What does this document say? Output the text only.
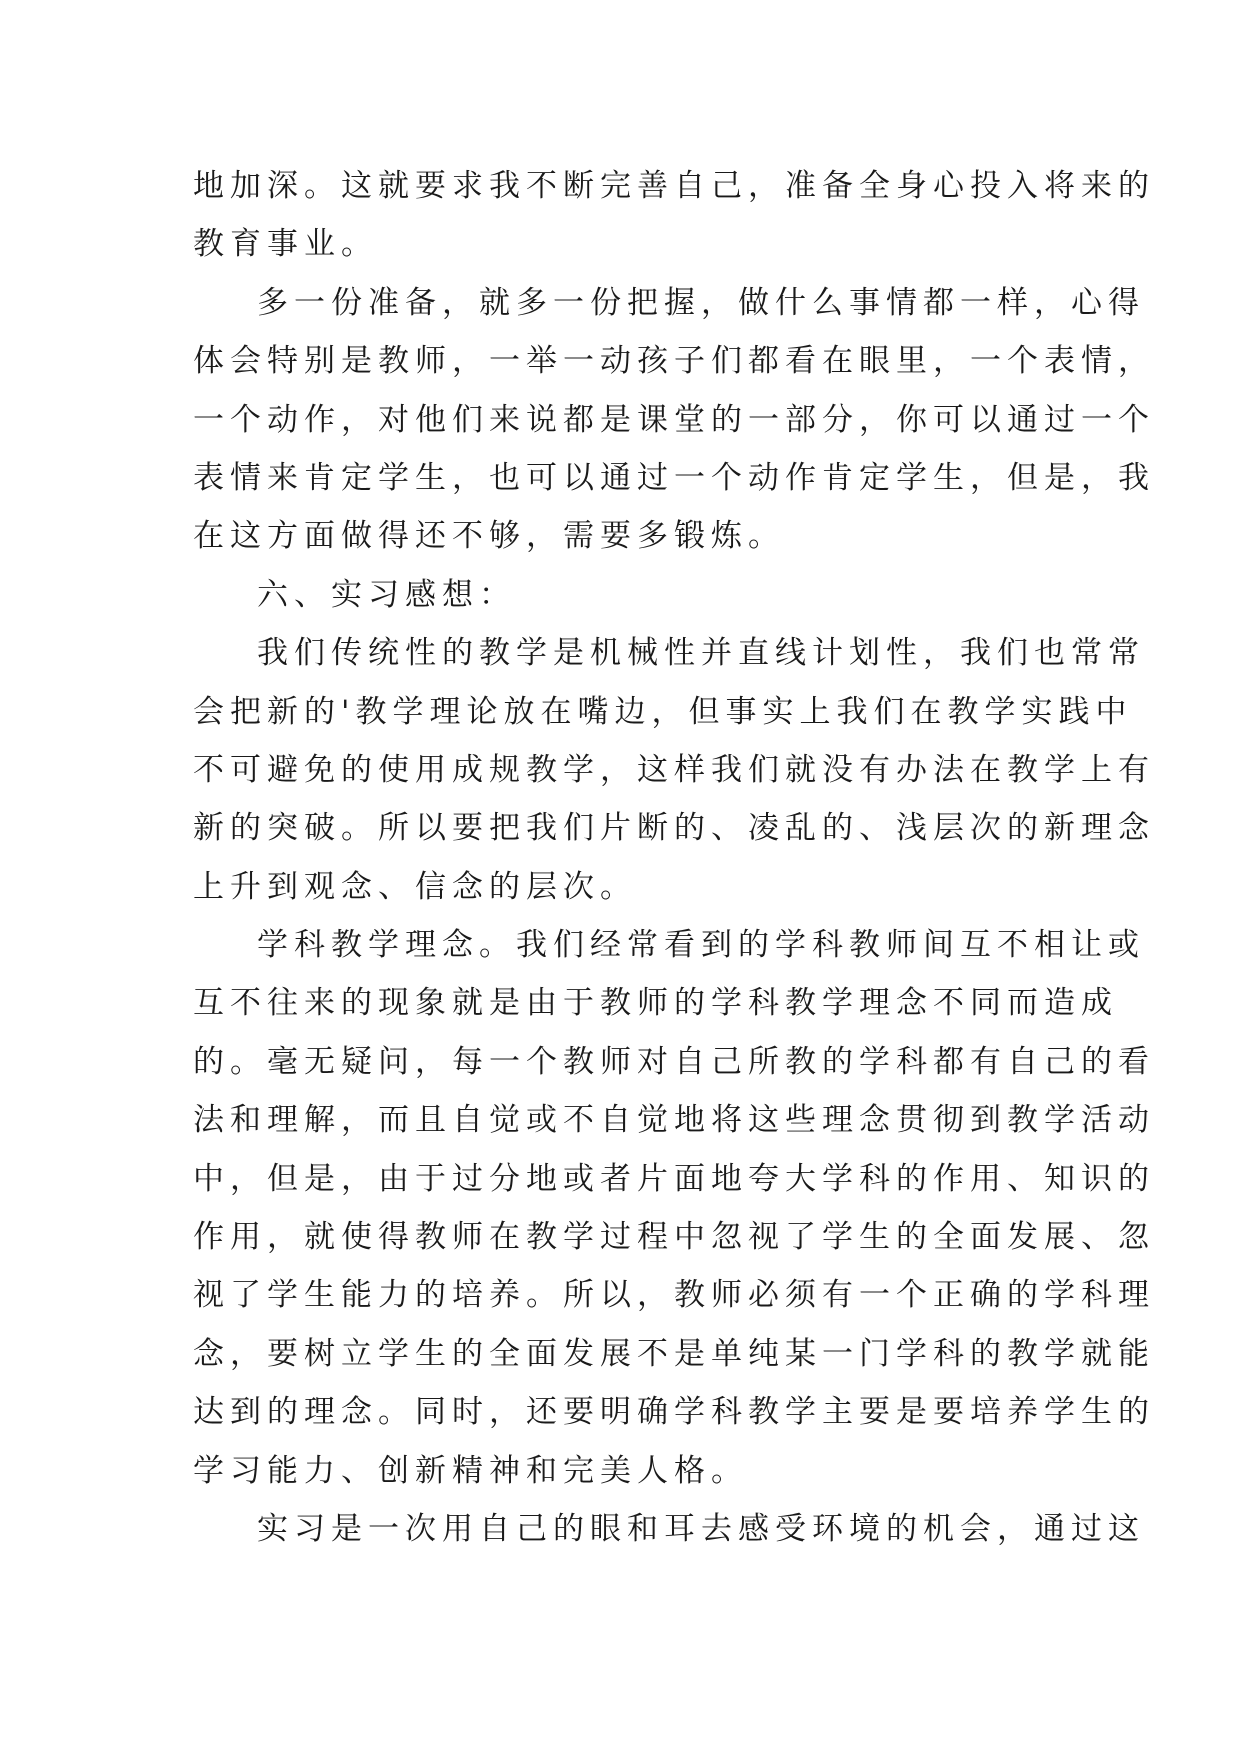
地加深。这就要求我不断完善自己，准备全身心投入将来的

教育事业。

多一份准备，就多一份把握，做什么事情都一样，心得

体会特别是教师，一举一动孩子们都看在眼里，一个表情，

一个动作，对他们来说都是课堂的一部分，你可以通过一个

表情来肯定学生，也可以通过一个动作肯定学生，但是，我

在这方面做得还不够，需要多锻炼。

六、实习感想：

我们传统性的教学是机械性并直线计划性，我们也常常

会把新的'教学理论放在嘴边，但事实上我们在教学实践中

不可避免的使用成规教学，这样我们就没有办法在教学上有

新的突破。所以要把我们片断的、凌乱的、浅层次的新理念

上升到观念、信念的层次。

学科教学理念。我们经常看到的学科教师间互不相让或

互不往来的现象就是由于教师的学科教学理念不同而造成

的。毫无疑问，每一个教师对自己所教的学科都有自己的看

法和理解，而且自觉或不自觉地将这些理念贯彻到教学活动

中，但是，由于过分地或者片面地夸大学科的作用、知识的

作用，就使得教师在教学过程中忽视了学生的全面发展、忽

视了学生能力的培养。所以，教师必须有一个正确的学科理

念，要树立学生的全面发展不是单纯某一门学科的教学就能

达到的理念。同时，还要明确学科教学主要是要培养学生的

学习能力、创新精神和完美人格。

实习是一次用自己的眼和耳去感受环境的机会，通过这
